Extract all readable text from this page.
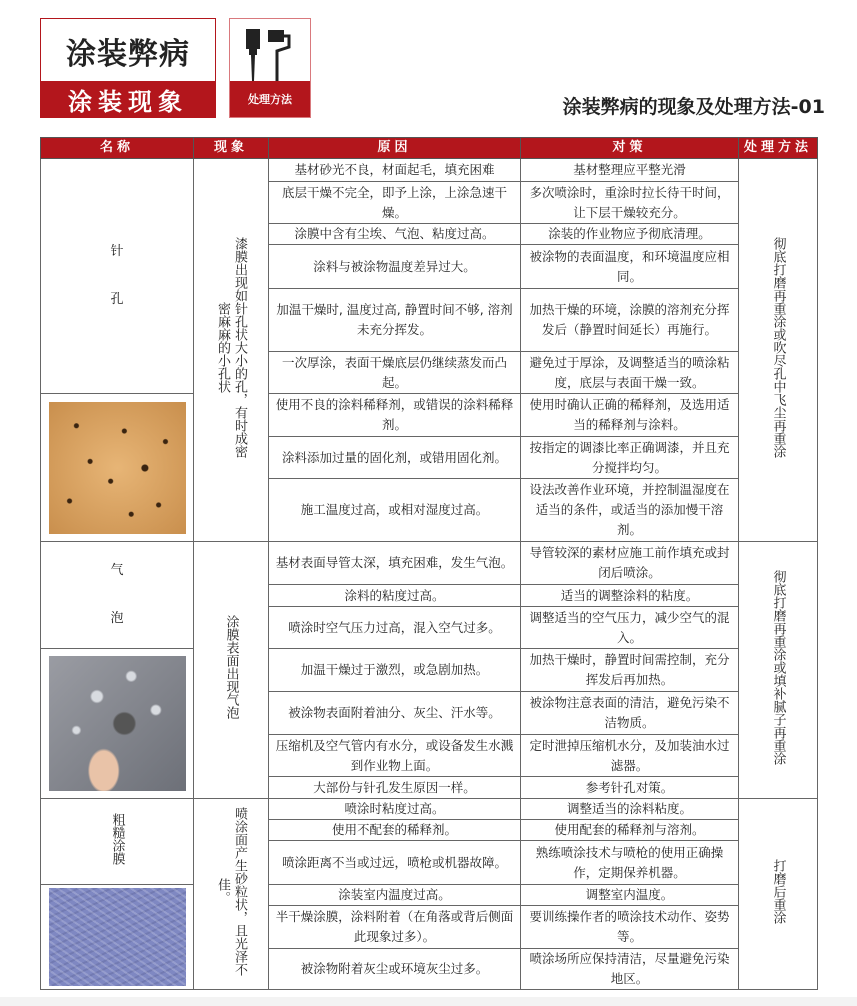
涂装弊病
涂装现象	处理方法	涂装弊病的现象及处理方法-01
名称	现象	原因	对策	处理方法

针
孔	漆膜出现如针孔状大小的孔，有时成密密麻麻的小孔状	基材砂光不良，材面起毛，填充困难	基材整理应平整光滑	彻底打磨再重涂或吹尽孔中飞尘再重涂
		底层干燥不完全，即予上涂，上涂急速干燥。	多次喷涂时，重涂时拉长待干时间，让下层干燥较充分。	
		涂膜中含有尘埃、气泡、粘度过高。	涂装的作业物应予彻底清理。	
		涂料与被涂物温度差异过大。	被涂物的表面温度，和环境温度应相同。	
		加温干燥时, 温度过高, 静置时间不够, 溶剂未充分挥发。	加热干燥的环境，涂膜的溶剂充分挥发后（静置时间延长）再施行。	
		一次厚涂，表面干燥底层仍继续蒸发而凸起。	避免过于厚涂，及调整适当的喷涂粘度，底层与表面干燥一致。	

		使用不良的涂料稀释剂，或错误的涂料稀释剂。	使用时确认正确的稀释剂，及选用适当的稀释剂与涂料。	
		涂料添加过量的固化剂，或错用固化剂。	按指定的调漆比率正确调漆，并且充分搅拌均匀。	
		施工温度过高，或相对湿度过高。	设法改善作业环境，并控制温湿度在适当的条件，或适当的添加慢干溶剂。	

气
泡	涂膜表面出现气泡	基材表面导管太深，填充困难，发生气泡。	导管较深的素材应施工前作填充或封闭后喷涂。	彻底打磨再重涂或填补腻子再重涂
		涂料的粘度过高。	适当的调整涂料的粘度。	
		喷涂时空气压力过高，混入空气过多。	调整适当的空气压力，减少空气的混入。	

		加温干燥过于激烈，或急剧加热。	加热干燥时，静置时间需控制，充分挥发后再加热。	
		被涂物表面附着油分、灰尘、汗水等。	被涂物注意表面的清洁，避免污染不洁物质。	
		压缩机及空气管内有水分，或设备发生水溅到作业物上面。	定时泄掉压缩机水分，及加装油水过滤器。	
		大部份与针孔发生原因一样。	参考针孔对策。	
粗糙涂膜	喷涂面产生砂粒状，且光泽不佳。	喷涂时粘度过高。	调整适当的涂料粘度。	打磨后重涂
		使用不配套的稀释剂。	使用配套的稀释剂与溶剂。	
		喷涂距离不当或过远，喷枪或机器故障。	熟练喷涂技术与喷枪的使用正确操作，定期保养机器。	

		涂装室内温度过高。	调整室内温度。	
		半干燥涂膜，涂料附着（在角落或背后侧面此现象过多）。	要训练操作者的喷涂技术动作、姿势等。	
		被涂物附着灰尘或环境灰尘过多。	喷涂场所应保持清洁，尽量避免污染地区。	
